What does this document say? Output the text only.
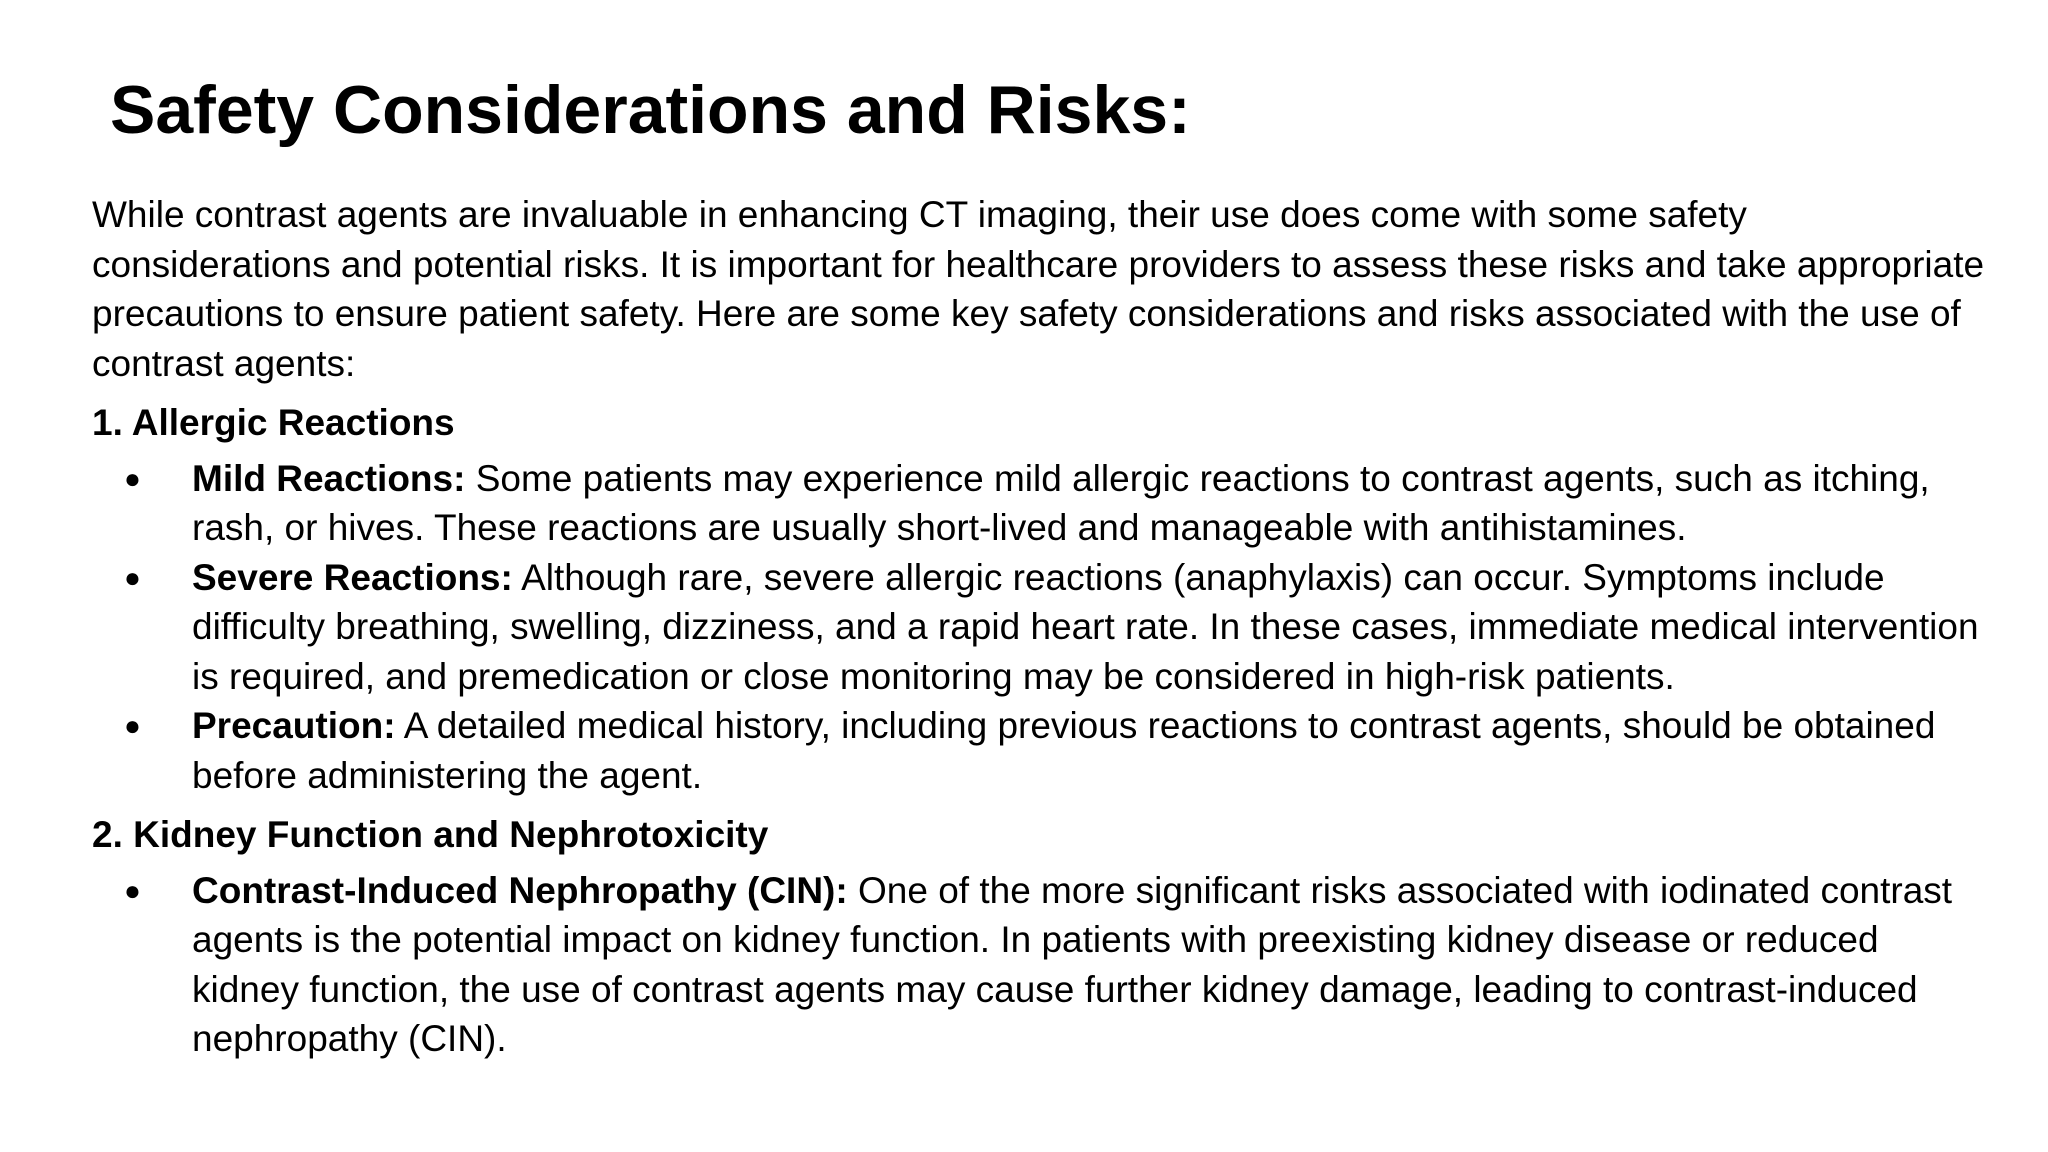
Safety Considerations and Risks:

While contrast agents are invaluable in enhancing CT imaging, their use does come with some safety considerations and potential risks. It is important for healthcare providers to assess these risks and take appropriate precautions to ensure patient safety. Here are some key safety considerations and risks associated with the use of contrast agents:

1. Allergic Reactions
● Mild Reactions: Some patients may experience mild allergic reactions to contrast agents, such as itching, rash, or hives. These reactions are usually short-lived and manageable with antihistamines.
● Severe Reactions: Although rare, severe allergic reactions (anaphylaxis) can occur. Symptoms include difficulty breathing, swelling, dizziness, and a rapid heart rate. In these cases, immediate medical intervention is required, and premedication or close monitoring may be considered in high-risk patients.
● Precaution: A detailed medical history, including previous reactions to contrast agents, should be obtained before administering the agent.
2. Kidney Function and Nephrotoxicity
● Contrast-Induced Nephropathy (CIN): One of the more significant risks associated with iodinated contrast agents is the potential impact on kidney function. In patients with preexisting kidney disease or reduced kidney function, the use of contrast agents may cause further kidney damage, leading to contrast-induced nephropathy (CIN).
